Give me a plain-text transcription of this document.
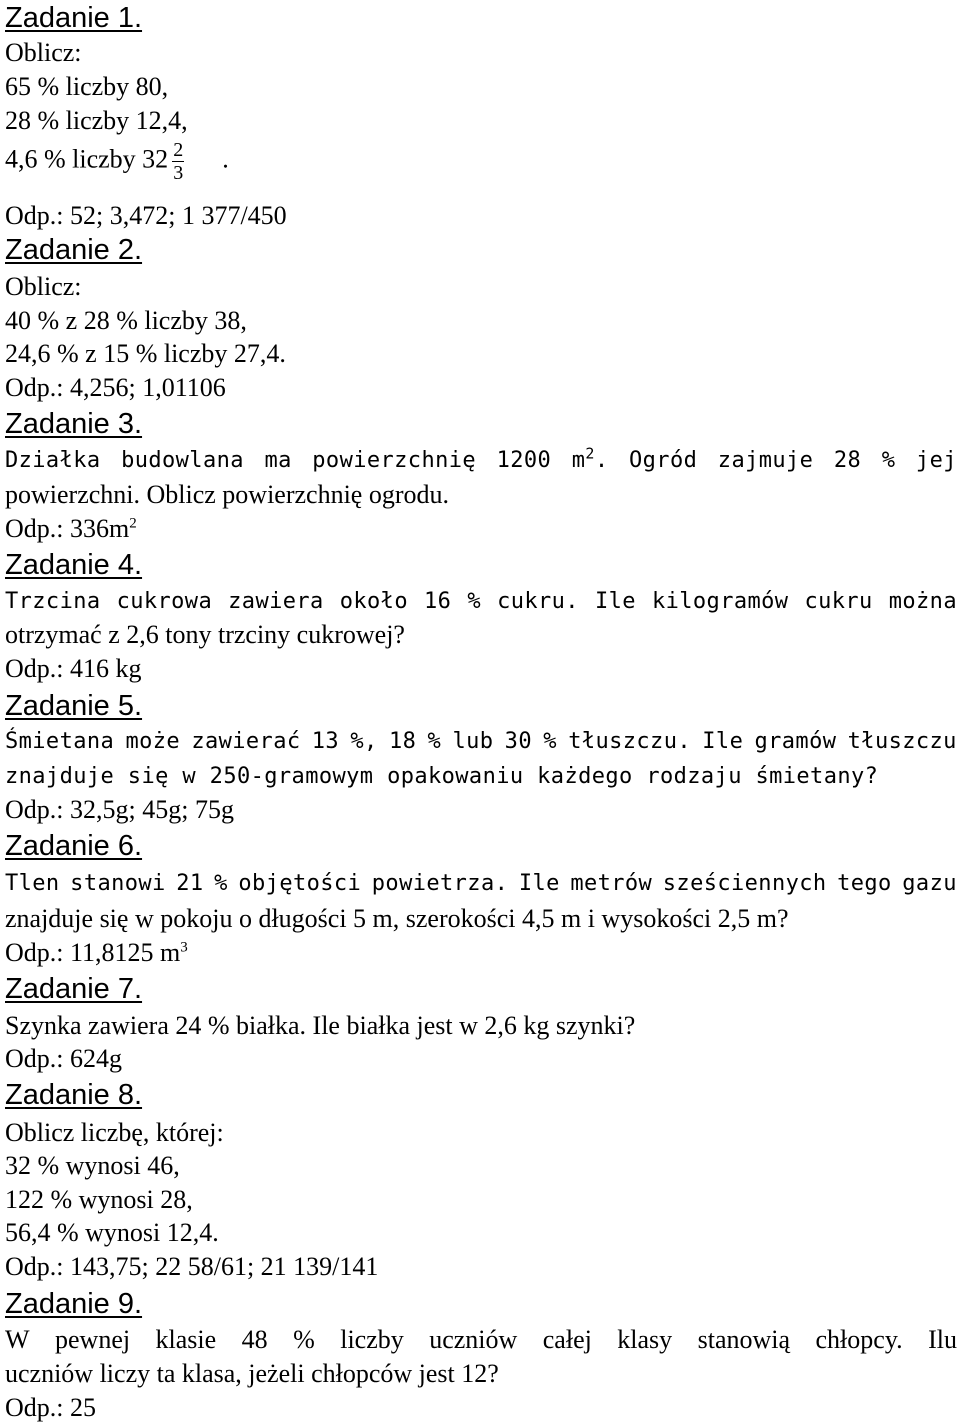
Zadanie 1.
Oblicz:
65 % liczby 80,
28 % liczby 12,4,
4,6 % liczby $32 \frac{2}{3}$ .
Odp.: 52; 3,472; 1 377/450
Zadanie 2.
Oblicz:
40 % z 28 % liczby 38,
24,6 % z 15 % liczby 27,4.
Odp.: 4,256; 1,01106
Zadanie 3.
Działka budowlana ma powierzchnię 1200 $m^2$. Ogród zajmuje 28 % jej
powierzchni. Oblicz powierzchnię ogrodu.
Odp.: $336m^2$
Zadanie 4.
Trzcina cukrowa zawiera około 16 % cukru. Ile kilogramów cukru można
otrzymać z 2,6 tony trzciny cukrowej?
Odp.: 416 kg
Zadanie 5.
Śmietana może zawierać 13 %, 18 % lub 30 % tłuszczu. Ile gramów tłuszczu
znajduje się w 250-gramowym opakowaniu każdego rodzaju śmietany?
Odp.: 32,5g; 45g; 75g
Zadanie 6.
Tlen stanowi 21 % objętości powietrza. Ile metrów sześciennych tego gazu
znajduje się w pokoju o długości 5 m, szerokości 4,5 m i wysokości 2,5 m?
Odp.: 11,8125 $m^3$
Zadanie 7.
Szynka zawiera 24 % białka. Ile białka jest w 2,6 kg szynki?
Odp.: 624g
Zadanie 8.
Oblicz liczbę, której:
32 % wynosi 46,
122 % wynosi 28,
56,4 % wynosi 12,4.
Odp.: 143,75; 22 58/61; 21 139/141
Zadanie 9.
W pewnej klasie 48 % liczby uczniów całej klasy stanowią chłopcy. Ilu
uczniów liczy ta klasa, jeżeli chłopców jest 12?
Odp.: 25
